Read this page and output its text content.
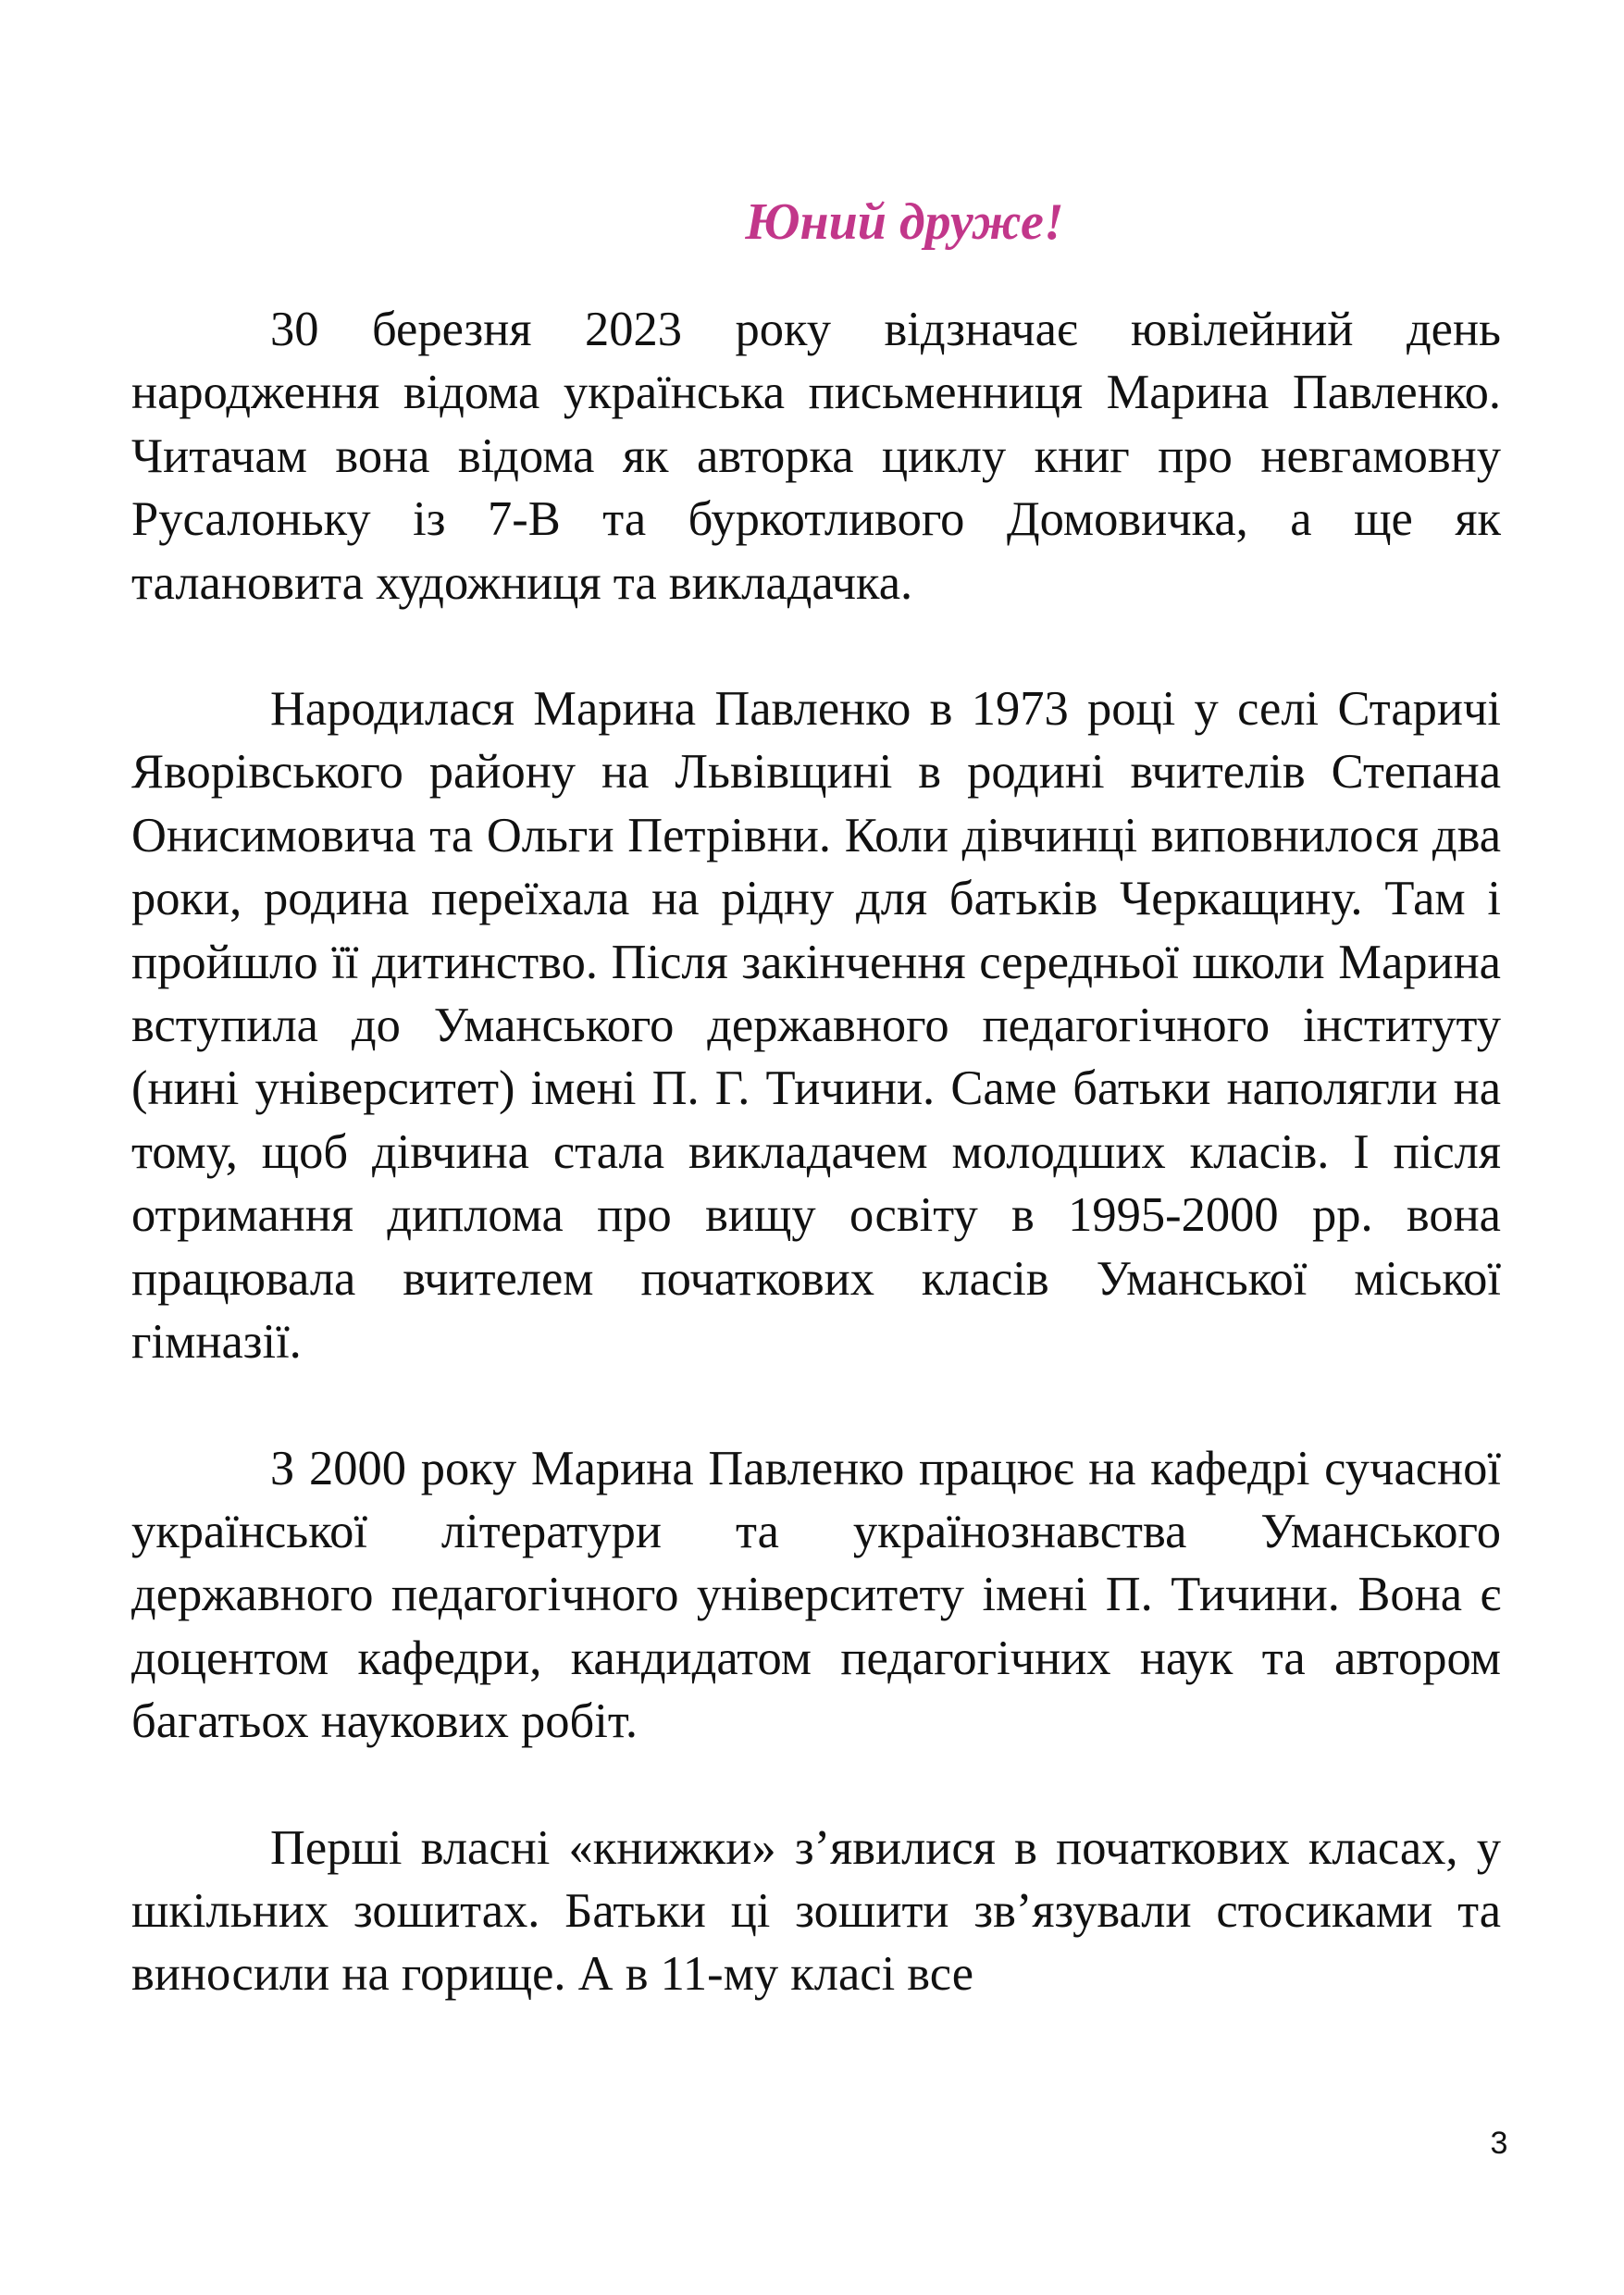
Юний друже!

30 березня 2023 року відзначає ювілейний день народження відома українська письменниця Марина Павленко. Читачам вона відома як авторка циклу книг про невгамовну Русалоньку із 7-В та буркотливого Домовичка, а ще як талановита художниця та викладачка.

Народилася Марина Павленко в 1973 році у селі Старичі Яворівського району на Львівщині в родині вчителів Степана Онисимовича та Ольги Петрівни. Коли дівчинці виповнилося два роки, родина переїхала на рідну для батьків Черкащину. Там і пройшло її дитинство. Після закінчення середньої школи Марина вступила до Уманського державного педагогічного інституту (нині університет) імені П. Г. Тичини. Саме батьки наполягли на тому, щоб дівчина стала викладачем молодших класів. І після отримання диплома про вищу освіту в 1995-2000 рр. вона працювала вчителем початкових класів Уманської міської гімназії.

З 2000 року Марина Павленко працює на кафедрі сучасної української літератури та українознавства Уманського державного педагогічного університету імені П. Тичини. Вона є доцентом кафедри, кандидатом педагогічних наук та автором багатьох наукових робіт.

Перші власні «книжки» з’явилися в початкових класах, у шкільних зошитах. Батьки ці зошити зв’язували стосиками та виносили на горище. А в 11-му класі все

3
